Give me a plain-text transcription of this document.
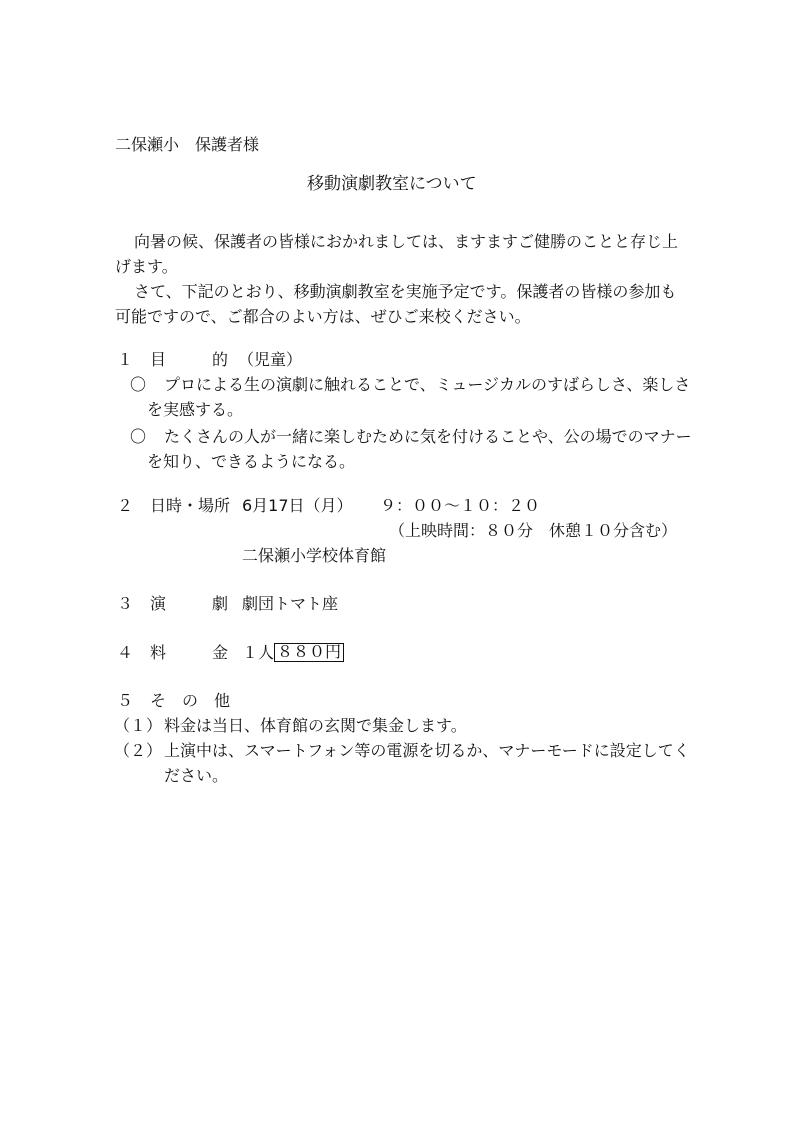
二保瀬小　保護者様
移動演劇教室について
向暑の候、保護者の皆様におかれましては、ますますご健勝のことと存じ上
げます。
さて、下記のとおり、移動演劇教室を実施予定です。保護者の皆様の参加も
可能ですので、ご都合のよい方は、ぜひご来校ください。
１ 目	的 （児童）
〇 プロによる生の演劇に触れることで、ミュージカルのすばらしさ、楽しさ
を実感する。
〇 たくさんの人が一緒に楽しむために気を付けることや、公の場でのマナー
を知り、できるようになる。
２ 日時・場所 6月17日（月） ９：００～１０：２０
（上映時間：８０分　休憩１０分含む）
二保瀬小学校体育館
３ 演	劇 劇団トマト座
４ 料	金 １人 ８８０円
５ そ　の　他
（１） 料金は当日、体育館の玄関で集金します。
（２） 上演中は、スマートフォン等の電源を切るか、マナーモードに設定してく
ださい。
